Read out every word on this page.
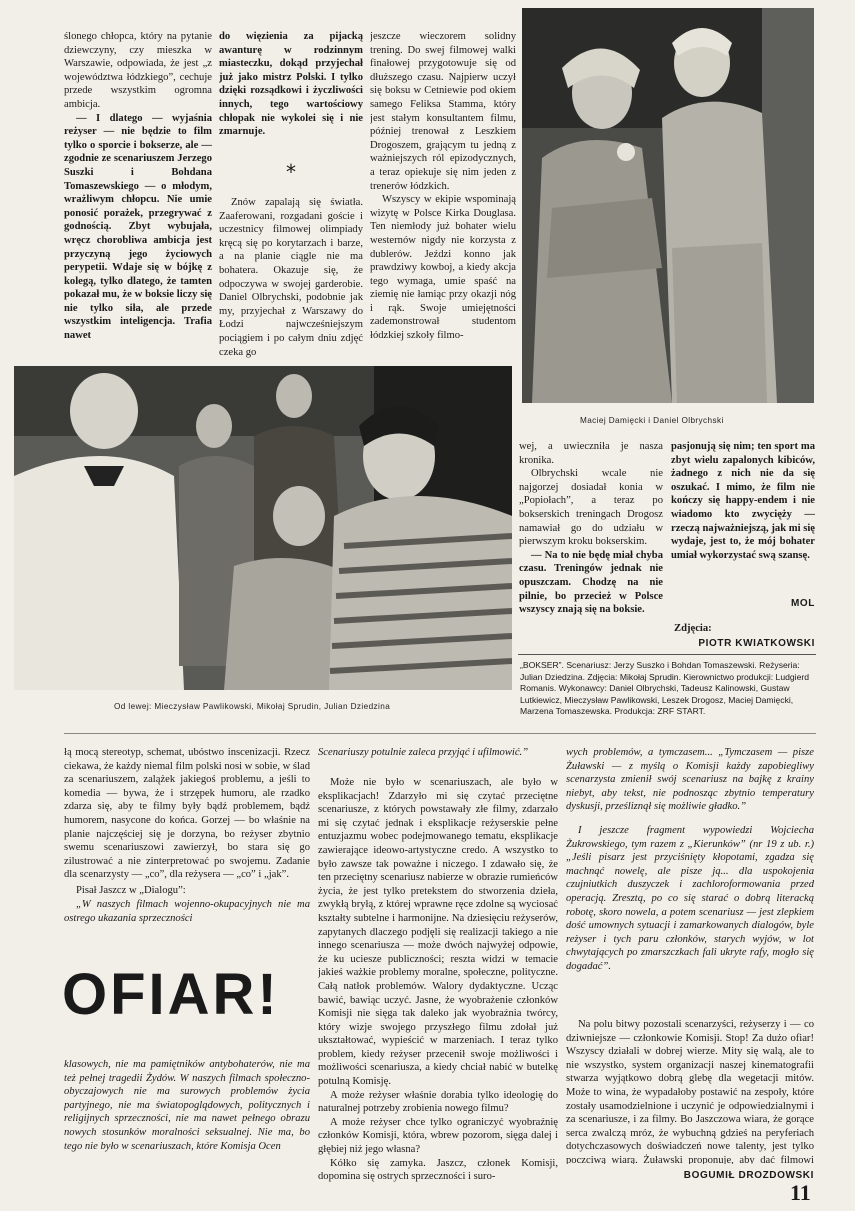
ślonego chłopca, który na pytanie dziewczyny, czy mieszka w Warszawie, odpowiada, że jest „z województwa łódzkiego”, cechuje przede wszystkim ogromna ambicja.

— I dlatego — wyjaśnia reżyser — nie będzie to film tylko o sporcie i bokserze, ale — zgodnie ze scenariuszem Jerzego Suszki i Bohdana Tomaszewskiego — o młodym, wrażliwym chłopcu. Nie umie ponosić porażek, przegrywać z godnością. Zbyt wybujała, wręcz chorobliwa ambicja jest przyczyną jego życiowych perypetii. Wdaje się w bójkę z kolegą, tylko dlatego, że tamten pokazał mu, że w boksie liczy się nie tylko siła, ale przede wszystkim inteligencja. Trafia nawet

do więzienia za pijacką awanturę w rodzinnym miasteczku, dokąd przyjechał już jako mistrz Polski. I tylko dzięki rozsądkowi i życzliwości innych, tego wartościowy chłopak nie wykolei się i nie zmarnuje.

*

Znów zapalają się światła. Zaaferowani, rozgadani goście i uczestnicy filmowej olimpiady kręcą się po korytarzach i barze, a na planie ciągle nie ma bohatera. Okazuje się, że odpoczywa w swojej garderobie. Daniel Olbrychski, podobnie jak my, przyjechał z Warszawy do Łodzi najwcześniejszym pociągiem i po całym dniu zdjęć czeka go

jeszcze wieczorem solidny trening. Do swej filmowej walki finałowej przygotowuje się od dłuższego czasu. Najpierw uczył się boksu w Cetniewie pod okiem samego Feliksa Stamma, który jest stałym konsultantem filmu, później trenował z Leszkiem Drogoszem, grającym tu jedną z ważniejszych ról epizodycznych, a teraz opiekuje się nim jeden z trenerów łódzkich.

Wszyscy w ekipie wspominają wizytę w Polsce Kirka Douglasa. Ten niemłody już bohater wielu westernów nigdy nie korzysta z dublerów. Jeździ konno jak prawdziwy kowboj, a kiedy akcja tego wymaga, umie spaść na ziemię nie łamiąc przy okazji nóg i rąk. Swoje umiejętności zademonstrował studentom łódzkiej szkoły filmo-

Maciej Damięcki i Daniel Olbrychski
Od lewej: Mieczysław Pawlikowski, Mikołaj Sprudin, Julian Dziedzina

wej, a uwieczniła je nasza kronika.

Olbrychski wcale nie najgorzej dosiadał konia w „Popiołach”, a teraz po bokserskich treningach Drogosz namawiał go do udziału w pierwszym kroku bokserskim.

— Na to nie będę miał chyba czasu. Treningów jednak nie opuszczam. Chodzę na nie pilnie, bo przecież w Polsce wszyscy znają się na boksie.

pasjonują się nim; ten sport ma zbyt wielu zapalonych kibiców, żadnego z nich nie da się oszukać. I mimo, że film nie kończy się happy-endem i nie wiadomo kto zwycięży — rzeczą najważniejszą, jak mi się wydaje, jest to, że mój bohater umiał wykorzystać swą szansę.

MOL
Zdjęcia:
PIOTR KWIATKOWSKI
„BOKSER”. Scenariusz: Jerzy Suszko i Bohdan Tomaszewski. Reżyseria: Julian Dziedzina. Zdjęcia: Mikołaj Sprudin. Kierownictwo produkcji: Ludgierd Romanis. Wykonawcy: Daniel Olbrychski, Tadeusz Kalinowski, Gustaw Lutkiewicz, Mieczysław Pawlikowski, Leszek Drogosz, Maciej Damięcki, Marzena Tomaszewska. Produkcja: ZRF START.

łą mocą stereotyp, schemat, ubóstwo inscenizacji. Rzecz ciekawa, że każdy niemal film polski nosi w sobie, w ślad za scenariuszem, zalążek jakiegoś problemu, a jeśli to komedia — bywa, że i strzępek humoru, ale rzadko zdarza się, aby te filmy były bądź problemem, bądź humorem, nasycone do końca. Gorzej — bo właśnie na planie najczęściej się je dorzyna, bo reżyser zbytnio swemu scenariuszowi zawierzył, bo stara się go zilustrować a nie zinterpretować po swojemu. Zadanie dla scenarzysty — „co”, dla reżysera — „co” i „jak”.

Pisał Jaszcz w „Dialogu”:

„W naszych filmach wojenno-okupacyjnych nie ma ostrego ukazania sprzeczności

OFIAR!

klasowych, nie ma pamiętników antybohaterów, nie ma też pełnej tragedii Żydów. W naszych filmach społeczno-obyczajowych nie ma surowych problemów życia partyjnego, nie ma światopoglądowych, politycznych i religijnych sprzeczności, nie ma nawet pełnego obrazu nowych stosunków moralności seksualnej. Nie ma, bo tego nie było w scenariuszach, które Komisja Ocen

Scenariuszy potulnie zaleca przyjąć i ufilmowić.”

Może nie było w scenariuszach, ale było w eksplikacjach! Zdarzyło mi się czytać przeciętne scenariusze, z których powstawały złe filmy, zdarzało mi się czytać jednak i eksplikacje reżyserskie pełne entuzjazmu wobec podejmowanego tematu, eksplikacje zawierające ideowo-artystyczne credo. A wszystko to było zawsze tak poważne i niczego. I zdawało się, że ten przeciętny scenariusz nabierze w obrazie rumieńców życia, że jest tylko pretekstem do stworzenia dzieła, zwykłą bryłą, z której wprawne ręce zdolne są wyciosać kształty subtelne i harmonijne. Na dziesięciu reżyserów, zapytanych dlaczego podjęli się realizacji takiego a nie innego scenariusza — może dwóch najwyżej odpowie, że ku uciesze publiczności; reszta widzi w temacie jakieś ważkie problemy moralne, społeczne, polityczne. Całą natłok problemów. Walory dydaktyczne. Ucząc bawić, bawiąc uczyć. Jasne, że wyobrażenie członków Komisji nie sięga tak daleko jak wyobraźnia twórcy, który wizje swojego przyszłego filmu zdołał już ukształtować, wypieścić w marzeniach. I teraz tylko problem, kiedy reżyser przecenił swoje możliwości i możliwości scenariusza, a kiedy chciał nabić w butelkę potulną Komisję.

A może reżyser właśnie dorabia tylko ideologię do naturalnej potrzeby zrobienia nowego filmu?

A może reżyser chce tylko ograniczyć wyobraźnię członków Komisji, która, wbrew pozorom, sięga dalej i głębiej niż jego własna?

Kółko się zamyka. Jaszcz, członek Komisji, dopomina się ostrych sprzeczności i suro-

wych problemów, a tymczasem... „Tymczasem — pisze Żuławski — z myślą o Komisji każdy zapobiegliwy scenarzysta zmienił swój scenariusz na bajkę z krainy niebyt, aby tekst, nie podnosząc zbytnio temperatury dyskusji, prześliznął się możliwie gładko.”

I jeszcze fragment wypowiedzi Wojciecha Żukrowskiego, tym razem z „Kierunków” (nr 19 z ub. r.) „Jeśli pisarz jest przyciśnięty kłopotami, zgadza się machnąć nowelę, ale pisze ją... dla uspokojenia czujniutkich duszyczek i zachloroformowania przed operacją. Zresztą, po co się starać o dobrą literacką robotę, skoro nowela, a potem scenariusz — jest zlepkiem dość umownych sytuacji i zamarkowanych dialogów, byle reżyser i tych paru członków, starych wyjów, w lot chwytających po zmarszczkach fali ukryte rafy, mogło się dogadać”.

Na polu bitwy pozostali scenarzyści, reżyserzy i — co dziwniejsze — członkowie Komisji. Stop! Za dużo ofiar! Wszyscy działali w dobrej wierze. Mity się walą, ale to nie wszystko, system organizacji naszej kinematografii stwarza wyjątkowo dobrą glebę dla wegetacji mitów. Może to wina, że wypadałoby postawić na zespoły, które zostały usamodzielnione i uczynić je odpowiedzialnymi i za scenariusze, i za filmy. Bo Jaszczowa wiara, że gorące serca zwalczą mróz, że wybuchną gdzieś na peryferiach dotychczasowych doświadczeń nowe talenty, jest tylko poczciwą wiarą. Żuławski proponuje, aby dać filmowi

BOGUMIŁ DROZDOWSKI
11
